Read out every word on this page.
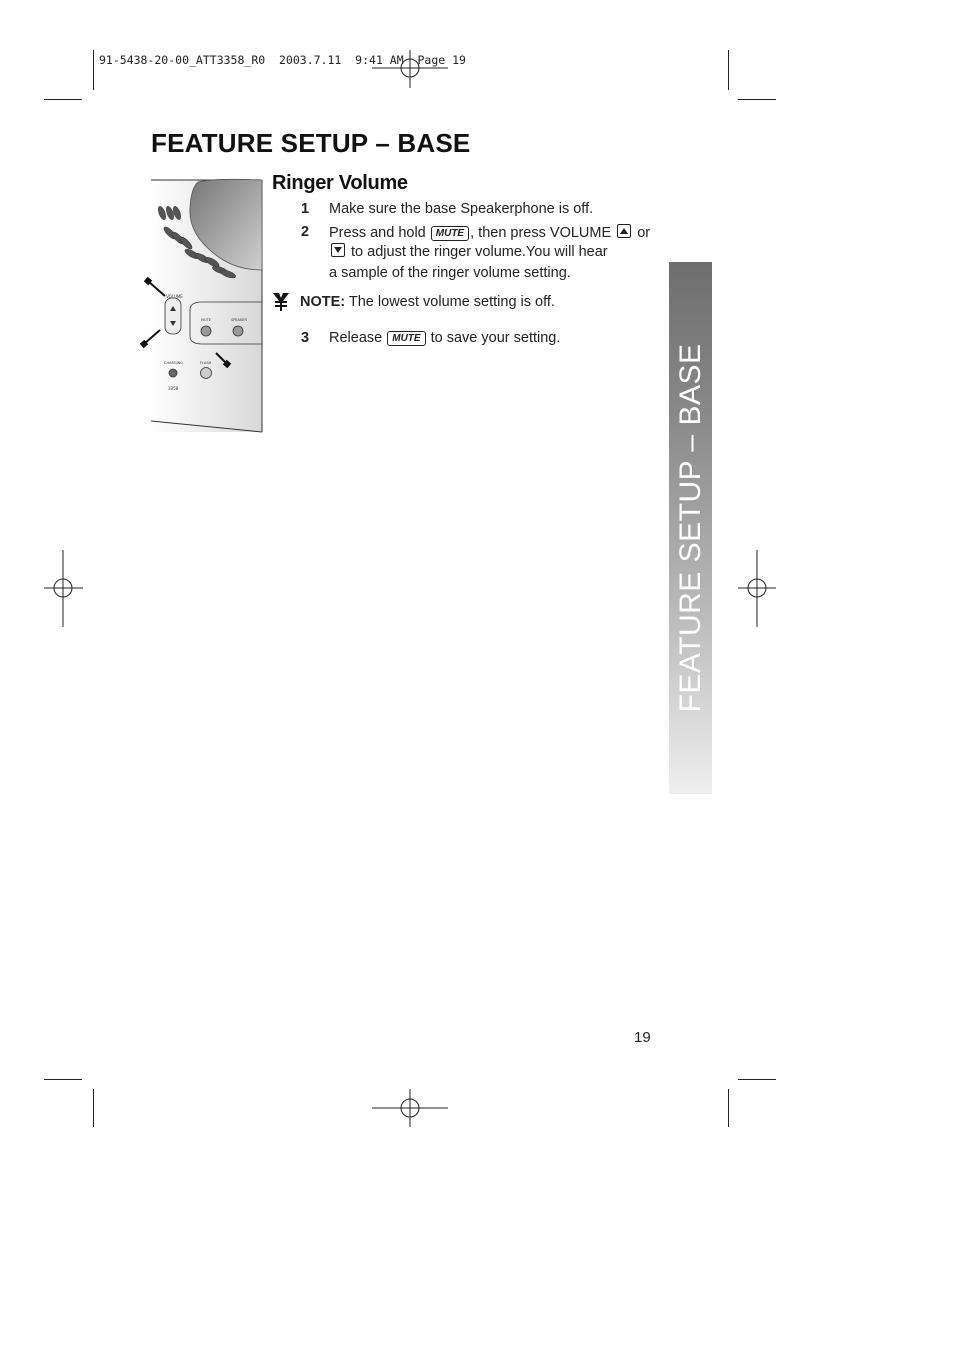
91-5438-20-00_ATT3358_R0  2003.7.11  9:41 AM  Page 19
FEATURE SETUP – BASE
VOLUME
MUTE	SPEAKER
CHARGING	FLASH
3358
Ringer Volume
1 Make sure the base Speakerphone is off.
2 Press and hold MUTE , then press VOLUME or
to adjust the ringer volume.You will hear
a sample of the ringer volume setting.
NOTE: The lowest volume setting is off.
3 Release MUTE to save your setting.
FEATURE SETUP – BASE
19
